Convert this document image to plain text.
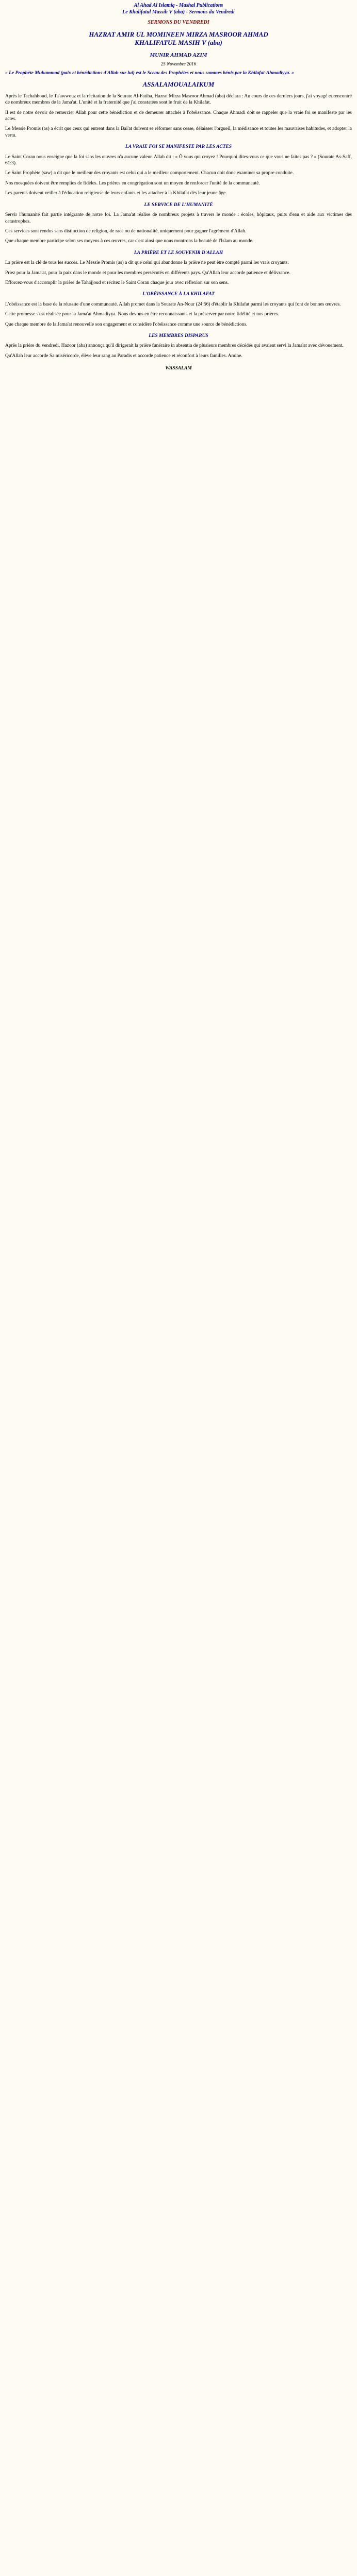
Al Ahad Al Islamiq - Mashal Publications
Le Khalifatul Massih V (aba) - Sermons du Vendredi
SERMONS DU VENDREDI
HAZRAT AMIR UL MOMINEEN MIRZA MASROOR AHMAD
KHALIFATUL MASIH V (aba)
MUNIR AHMAD AZIM
25 Novembre 2016

« Le Prophète Muhammad (paix et bénédictions d'Allah sur lui) est le Sceau des Prophètes et nous sommes bénis par la Khilafat-Ahmadiyya. »

ASSALAMOUALAIKUM

Après le Tachahhoud, le Ta'awwouz et la récitation de la Sourate Al-Fatiha, Hazrat Mirza Masroor Ahmad (aba) déclara : Au cours de ces derniers jours, j'ai voyagé et rencontré de nombreux membres de la Jama'at. L'unité et la fraternité que j'ai constatées sont le fruit de la Khilafat.

Il est de notre devoir de remercier Allah pour cette bénédiction et de demeurer attachés à l'obéissance. Chaque Ahmadi doit se rappeler que la vraie foi se manifeste par les actes.

Le Messie Promis (as) a écrit que ceux qui entrent dans la Bai'at doivent se réformer sans cesse, délaisser l'orgueil, la médisance et toutes les mauvaises habitudes, et adopter la vertu.

LA VRAIE FOI SE MANIFESTE PAR LES ACTES

Le Saint Coran nous enseigne que la foi sans les œuvres n'a aucune valeur. Allah dit : « Ô vous qui croyez ! Pourquoi dites-vous ce que vous ne faites pas ? » (Sourate As-Saff, 61:3).

Le Saint Prophète (saw) a dit que le meilleur des croyants est celui qui a le meilleur comportement. Chacun doit donc examiner sa propre conduite.

Nos mosquées doivent être remplies de fidèles. Les prières en congrégation sont un moyen de renforcer l'unité de la communauté.

Les parents doivent veiller à l'éducation religieuse de leurs enfants et les attacher à la Khilafat dès leur jeune âge.

LE SERVICE DE L'HUMANITÉ

Servir l'humanité fait partie intégrante de notre foi. La Jama'at réalise de nombreux projets à travers le monde : écoles, hôpitaux, puits d'eau et aide aux victimes des catastrophes.

Ces services sont rendus sans distinction de religion, de race ou de nationalité, uniquement pour gagner l'agrément d'Allah.

Que chaque membre participe selon ses moyens à ces œuvres, car c'est ainsi que nous montrons la beauté de l'Islam au monde.

LA PRIÈRE ET LE SOUVENIR D'ALLAH

La prière est la clé de tous les succès. Le Messie Promis (as) a dit que celui qui abandonne la prière ne peut être compté parmi les vrais croyants.

Priez pour la Jama'at, pour la paix dans le monde et pour les membres persécutés en différents pays. Qu'Allah leur accorde patience et délivrance.

Efforcez-vous d'accomplir la prière de Tahajjoud et récitez le Saint Coran chaque jour avec réflexion sur son sens.

L'OBÉISSANCE À LA KHILAFAT

L'obéissance est la base de la réussite d'une communauté. Allah promet dans la Sourate An-Nour (24:56) d'établir la Khilafat parmi les croyants qui font de bonnes œuvres.

Cette promesse s'est réalisée pour la Jama'at Ahmadiyya. Nous devons en être reconnaissants et la préserver par notre fidélité et nos prières.

Que chaque membre de la Jama'at renouvelle son engagement et considère l'obéissance comme une source de bénédictions.

LES MEMBRES DISPARUS

Après la prière du vendredi, Hazoor (aba) annonça qu'il dirigerait la prière funéraire in absentia de plusieurs membres décédés qui avaient servi la Jama'at avec dévouement.

Qu'Allah leur accorde Sa miséricorde, élève leur rang au Paradis et accorde patience et réconfort à leurs familles. Amine.

WASSALAM
